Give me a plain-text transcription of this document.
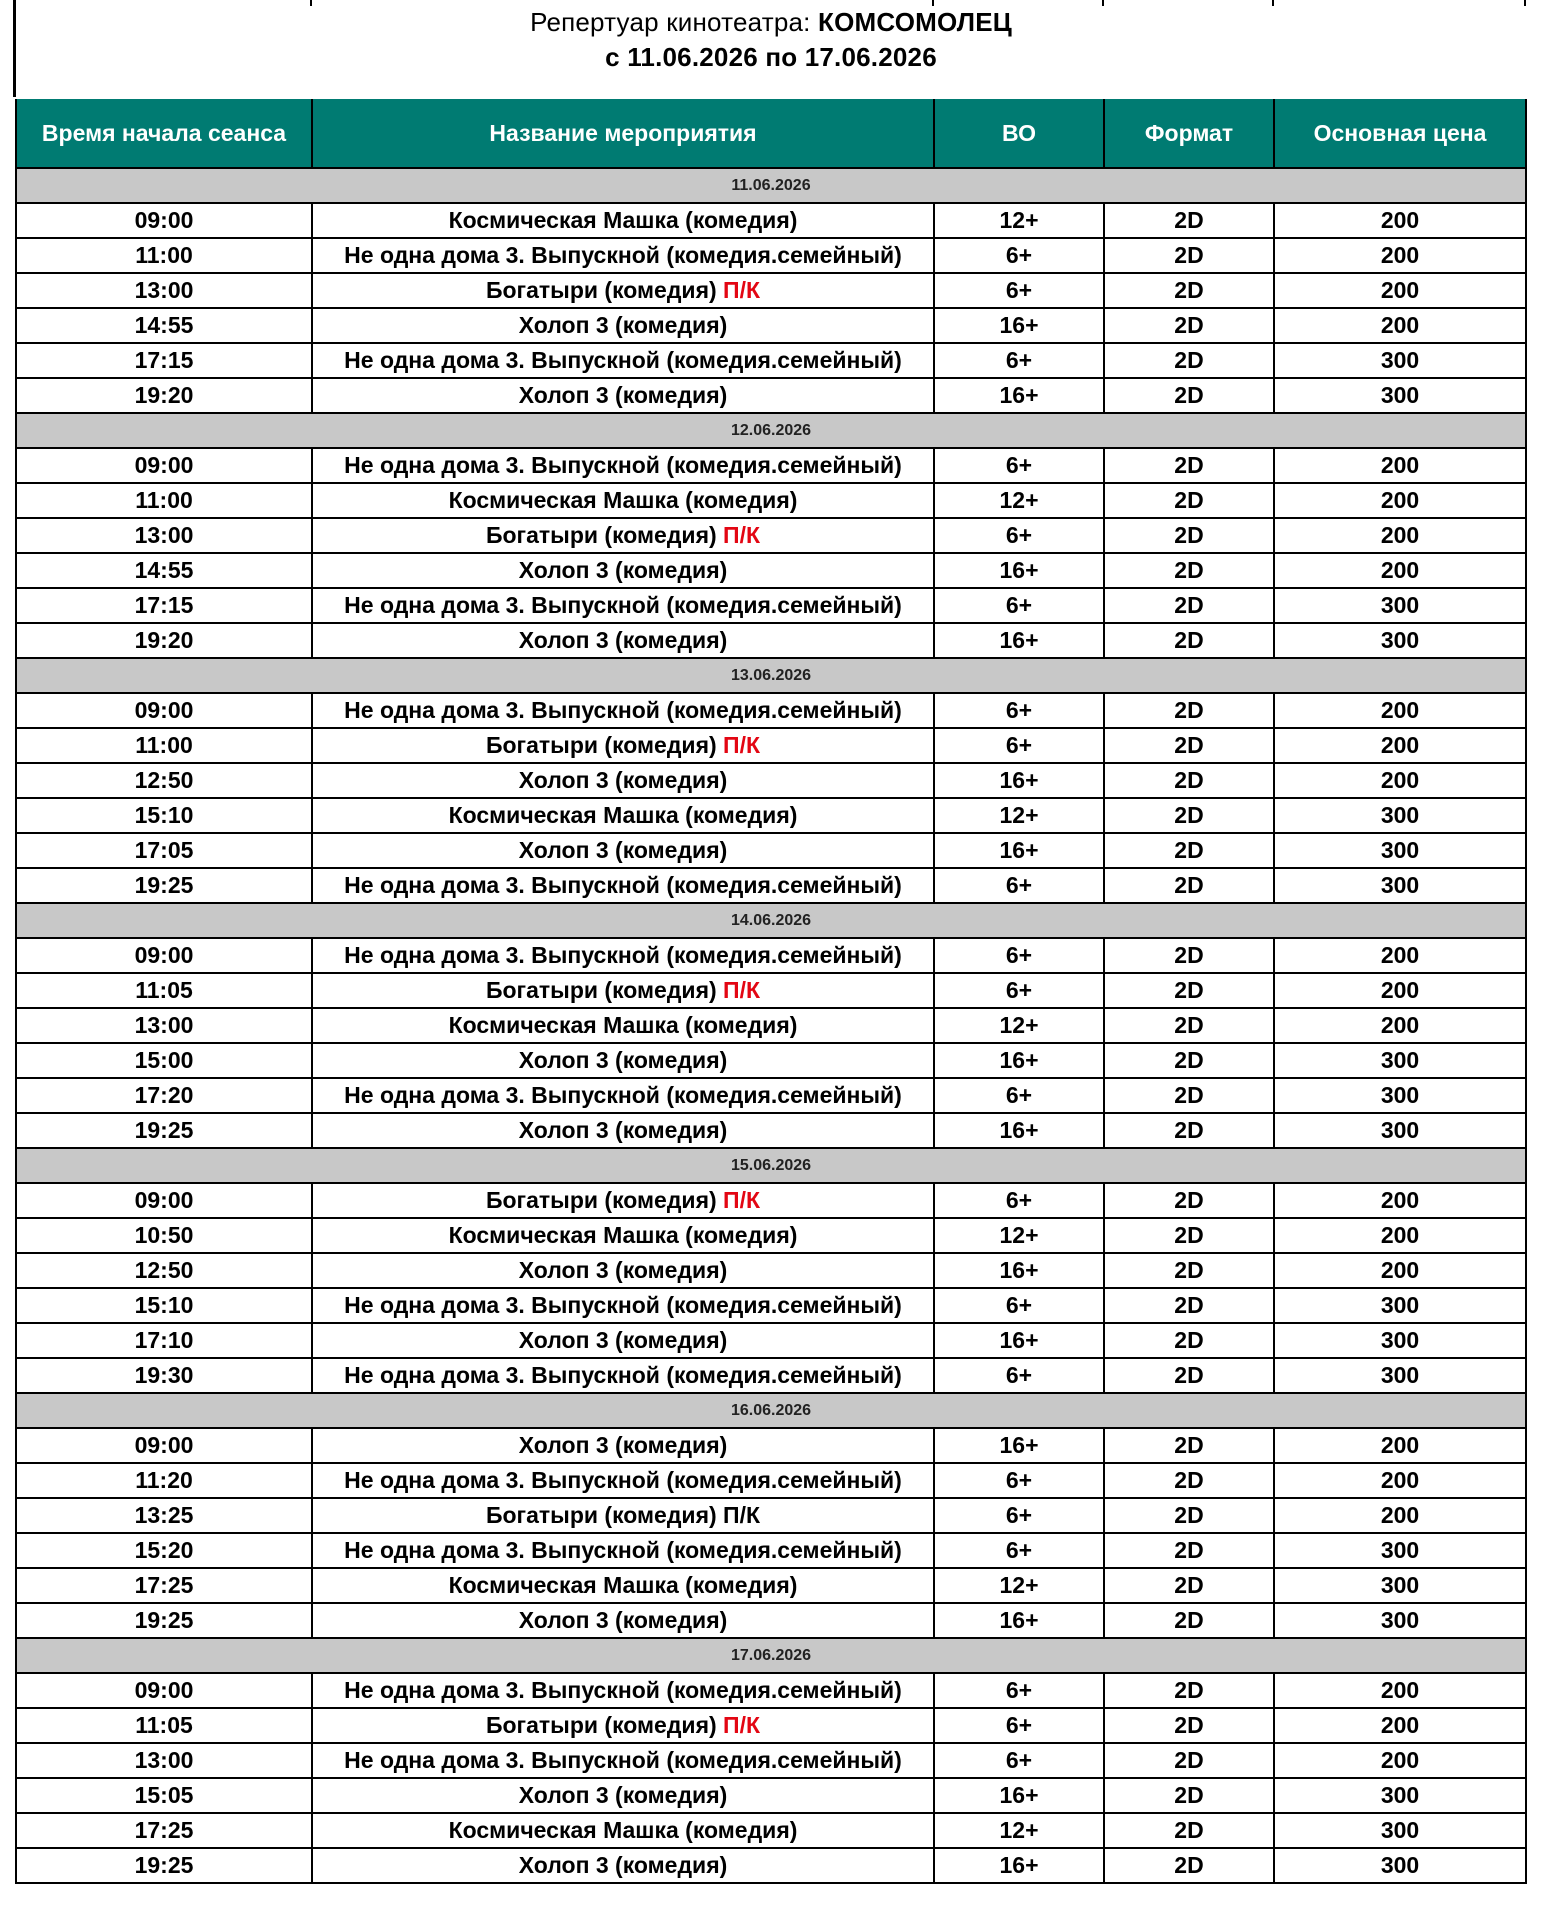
Репертуар кинотеатра: КОМСОМОЛЕЦ
с 11.06.2026 по 17.06.2026
Время начала сеанса	Название мероприятия	ВО	Формат	Основная цена
11.06.2026				
09:00	Космическая Машка (комедия)	12+	2D	200
11:00	Не одна дома 3. Выпускной (комедия.семейный)	6+	2D	200
13:00	Богатыри (комедия) П/К	6+	2D	200
14:55	Холоп 3 (комедия)	16+	2D	200
17:15	Не одна дома 3. Выпускной (комедия.семейный)	6+	2D	300
19:20	Холоп 3 (комедия)	16+	2D	300
12.06.2026				
09:00	Не одна дома 3. Выпускной (комедия.семейный)	6+	2D	200
11:00	Космическая Машка (комедия)	12+	2D	200
13:00	Богатыри (комедия) П/К	6+	2D	200
14:55	Холоп 3 (комедия)	16+	2D	200
17:15	Не одна дома 3. Выпускной (комедия.семейный)	6+	2D	300
19:20	Холоп 3 (комедия)	16+	2D	300
13.06.2026				
09:00	Не одна дома 3. Выпускной (комедия.семейный)	6+	2D	200
11:00	Богатыри (комедия) П/К	6+	2D	200
12:50	Холоп 3 (комедия)	16+	2D	200
15:10	Космическая Машка (комедия)	12+	2D	300
17:05	Холоп 3 (комедия)	16+	2D	300
19:25	Не одна дома 3. Выпускной (комедия.семейный)	6+	2D	300
14.06.2026				
09:00	Не одна дома 3. Выпускной (комедия.семейный)	6+	2D	200
11:05	Богатыри (комедия) П/К	6+	2D	200
13:00	Космическая Машка (комедия)	12+	2D	200
15:00	Холоп 3 (комедия)	16+	2D	300
17:20	Не одна дома 3. Выпускной (комедия.семейный)	6+	2D	300
19:25	Холоп 3 (комедия)	16+	2D	300
15.06.2026				
09:00	Богатыри (комедия) П/К	6+	2D	200
10:50	Космическая Машка (комедия)	12+	2D	200
12:50	Холоп 3 (комедия)	16+	2D	200
15:10	Не одна дома 3. Выпускной (комедия.семейный)	6+	2D	300
17:10	Холоп 3 (комедия)	16+	2D	300
19:30	Не одна дома 3. Выпускной (комедия.семейный)	6+	2D	300
16.06.2026				
09:00	Холоп 3 (комедия)	16+	2D	200
11:20	Не одна дома 3. Выпускной (комедия.семейный)	6+	2D	200
13:25	Богатыри (комедия) П/К	6+	2D	200
15:20	Не одна дома 3. Выпускной (комедия.семейный)	6+	2D	300
17:25	Космическая Машка (комедия)	12+	2D	300
19:25	Холоп 3 (комедия)	16+	2D	300
17.06.2026				
09:00	Не одна дома 3. Выпускной (комедия.семейный)	6+	2D	200
11:05	Богатыри (комедия) П/К	6+	2D	200
13:00	Не одна дома 3. Выпускной (комедия.семейный)	6+	2D	200
15:05	Холоп 3 (комедия)	16+	2D	300
17:25	Космическая Машка (комедия)	12+	2D	300
19:25	Холоп 3 (комедия)	16+	2D	300
